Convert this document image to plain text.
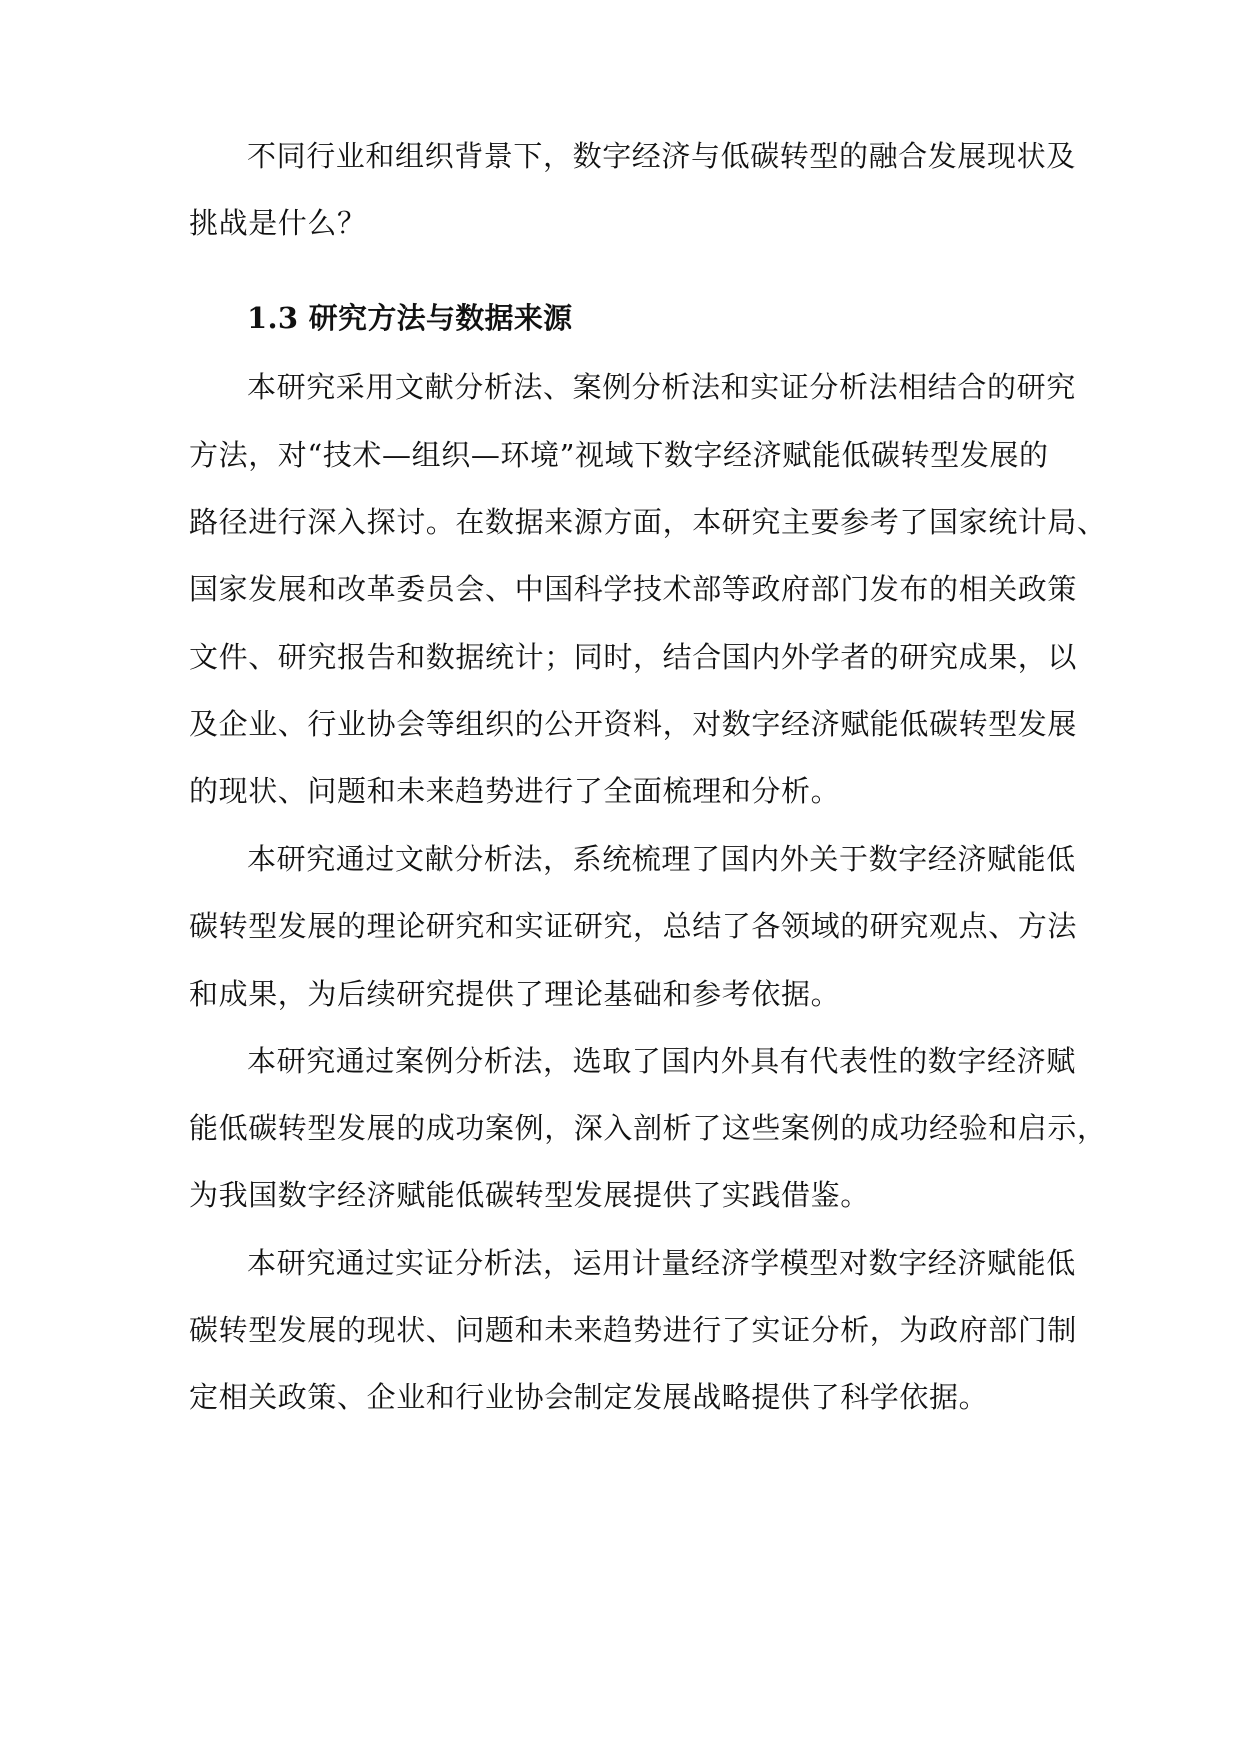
不同行业和组织背景下，数字经济与低碳转型的融合发展现状及
挑战是什么？
1.3 研究方法与数据来源
本研究采用文献分析法、案例分析法和实证分析法相结合的研究
方法，对“技术—组织—环境”视域下数字经济赋能低碳转型发展的
路径进行深入探讨。在数据来源方面，本研究主要参考了国家统计局、
国家发展和改革委员会、中国科学技术部等政府部门发布的相关政策
文件、研究报告和数据统计；同时，结合国内外学者的研究成果，以
及企业、行业协会等组织的公开资料，对数字经济赋能低碳转型发展
的现状、问题和未来趋势进行了全面梳理和分析。
本研究通过文献分析法，系统梳理了国内外关于数字经济赋能低
碳转型发展的理论研究和实证研究，总结了各领域的研究观点、方法
和成果，为后续研究提供了理论基础和参考依据。
本研究通过案例分析法，选取了国内外具有代表性的数字经济赋
能低碳转型发展的成功案例，深入剖析了这些案例的成功经验和启示，
为我国数字经济赋能低碳转型发展提供了实践借鉴。
本研究通过实证分析法，运用计量经济学模型对数字经济赋能低
碳转型发展的现状、问题和未来趋势进行了实证分析，为政府部门制
定相关政策、企业和行业协会制定发展战略提供了科学依据。
